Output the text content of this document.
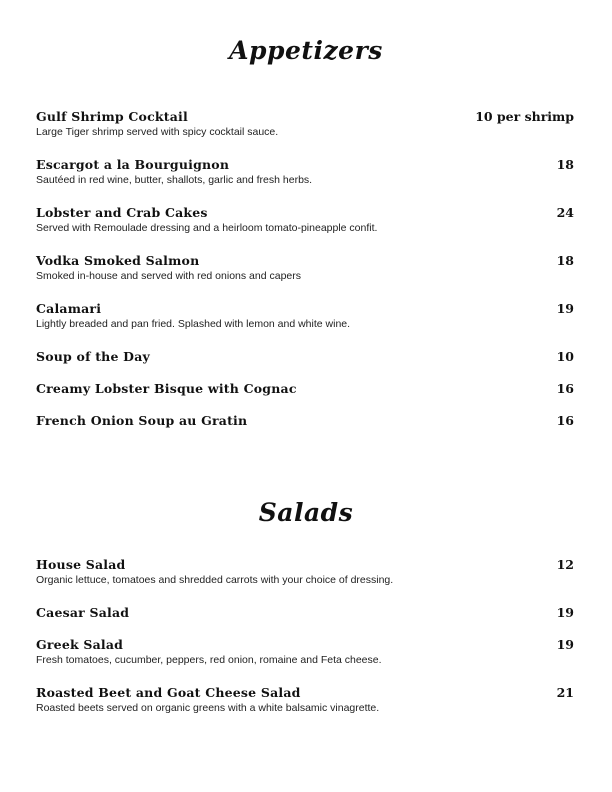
Appetizers
Gulf Shrimp Cocktail	10 per shrimp
Large Tiger shrimp served with spicy cocktail sauce.
Escargot a la Bourguignon	18
Sautéed in red wine, butter, shallots, garlic and fresh herbs.
Lobster and Crab Cakes	24
Served with Remoulade dressing and a heirloom tomato-pineapple confit.
Vodka Smoked Salmon	18
Smoked in-house and served with red onions and capers
Calamari	19
Lightly breaded and pan fried. Splashed with lemon and white wine.
Soup of the Day	10
Creamy Lobster Bisque with Cognac	16
French Onion Soup au Gratin	16
Salads
House Salad	12
Organic lettuce, tomatoes and shredded carrots with your choice of dressing.
Caesar Salad	19
Greek Salad	19
Fresh tomatoes, cucumber, peppers, red onion, romaine and Feta cheese.
Roasted Beet and Goat Cheese Salad	21
Roasted beets served on organic greens with a white balsamic vinagrette.
